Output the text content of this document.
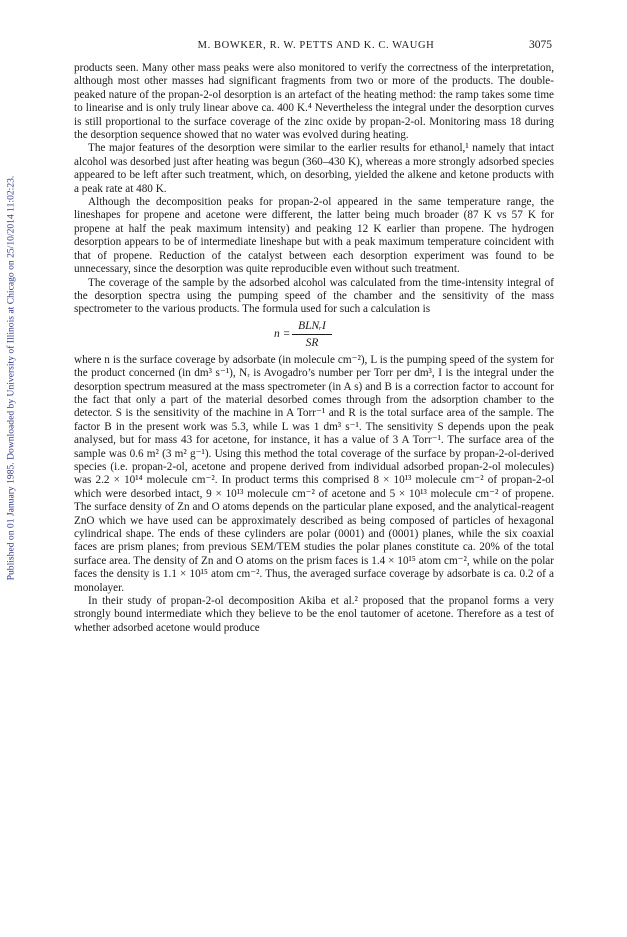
Published on 01 January 1985. Downloaded by University of Illinois at Chicago on 25/10/2014 11:02:23.
M. BOWKER, R. W. PETTS AND K. C. WAUGH	3075

products seen. Many other mass peaks were also monitored to verify the correctness of the interpretation, although most other masses had significant fragments from two or more of the products. The double-peaked nature of the propan-2-ol desorption is an artefact of the heating method: the ramp takes some time to linearise and is only truly linear above ca. 400 K.⁴ Nevertheless the integral under the desorption curves is still proportional to the surface coverage of the zinc oxide by propan-2-ol. Monitoring mass 18 during the desorption sequence showed that no water was evolved during heating.

The major features of the desorption were similar to the earlier results for ethanol,¹ namely that intact alcohol was desorbed just after heating was begun (360–430 K), whereas a more strongly adsorbed species appeared to be left after such treatment, which, on desorbing, yielded the alkene and ketone products with a peak rate at 480 K.

Although the decomposition peaks for propan-2-ol appeared in the same temperature range, the lineshapes for propene and acetone were different, the latter being much broader (87 K vs 57 K for propene at half the peak maximum intensity) and peaking 12 K earlier than propene. The hydrogen desorption appears to be of intermediate lineshape but with a peak maximum temperature coincident with that of propene. Reduction of the catalyst between each desorption experiment was found to be unnecessary, since the desorption was quite reproducible even without such treatment.

The coverage of the sample by the adsorbed alcohol was calculated from the time-intensity integral of the desorption spectra using the pumping speed of the chamber and the sensitivity of the mass spectrometer to the various products. The formula used for such a calculation is

n =
BLNᵣI
SR

where n is the surface coverage by adsorbate (in molecule cm⁻²), L is the pumping speed of the system for the product concerned (in dm³ s⁻¹), Nᵣ is Avogadro’s number per Torr per dm³, I is the integral under the desorption spectrum measured at the mass spectrometer (in A s) and B is a correction factor to account for the fact that only a part of the material desorbed comes through from the adsorption chamber to the detector. S is the sensitivity of the machine in A Torr⁻¹ and R is the total surface area of the sample. The factor B in the present work was 5.3, while L was 1 dm³ s⁻¹. The sensitivity S depends upon the peak analysed, but for mass 43 for acetone, for instance, it has a value of 3 A Torr⁻¹. The surface area of the sample was 0.6 m² (3 m² g⁻¹). Using this method the total coverage of the surface by propan-2-ol-derived species (i.e. propan-2-ol, acetone and propene derived from individual adsorbed propan-2-ol molecules) was 2.2 × 10¹⁴ molecule cm⁻². In product terms this comprised 8 × 10¹³ molecule cm⁻² of propan-2-ol which were desorbed intact, 9 × 10¹³ molecule cm⁻² of acetone and 5 × 10¹³ molecule cm⁻² of propene. The surface density of Zn and O atoms depends on the particular plane exposed, and the analytical-reagent ZnO which we have used can be approximately described as being composed of particles of hexagonal cylindrical shape. The ends of these cylinders are polar (0001) and (0001) planes, while the six coaxial faces are prism planes; from previous SEM/TEM studies the polar planes constitute ca. 20% of the total surface area. The density of Zn and O atoms on the prism faces is 1.4 × 10¹⁵ atom cm⁻², while on the polar faces the density is 1.1 × 10¹⁵ atom cm⁻². Thus, the averaged surface coverage by adsorbate is ca. 0.2 of a monolayer.

In their study of propan-2-ol decomposition Akiba et al.² proposed that the propanol forms a very strongly bound intermediate which they believe to be the enol tautomer of acetone. Therefore as a test of whether adsorbed acetone would produce
